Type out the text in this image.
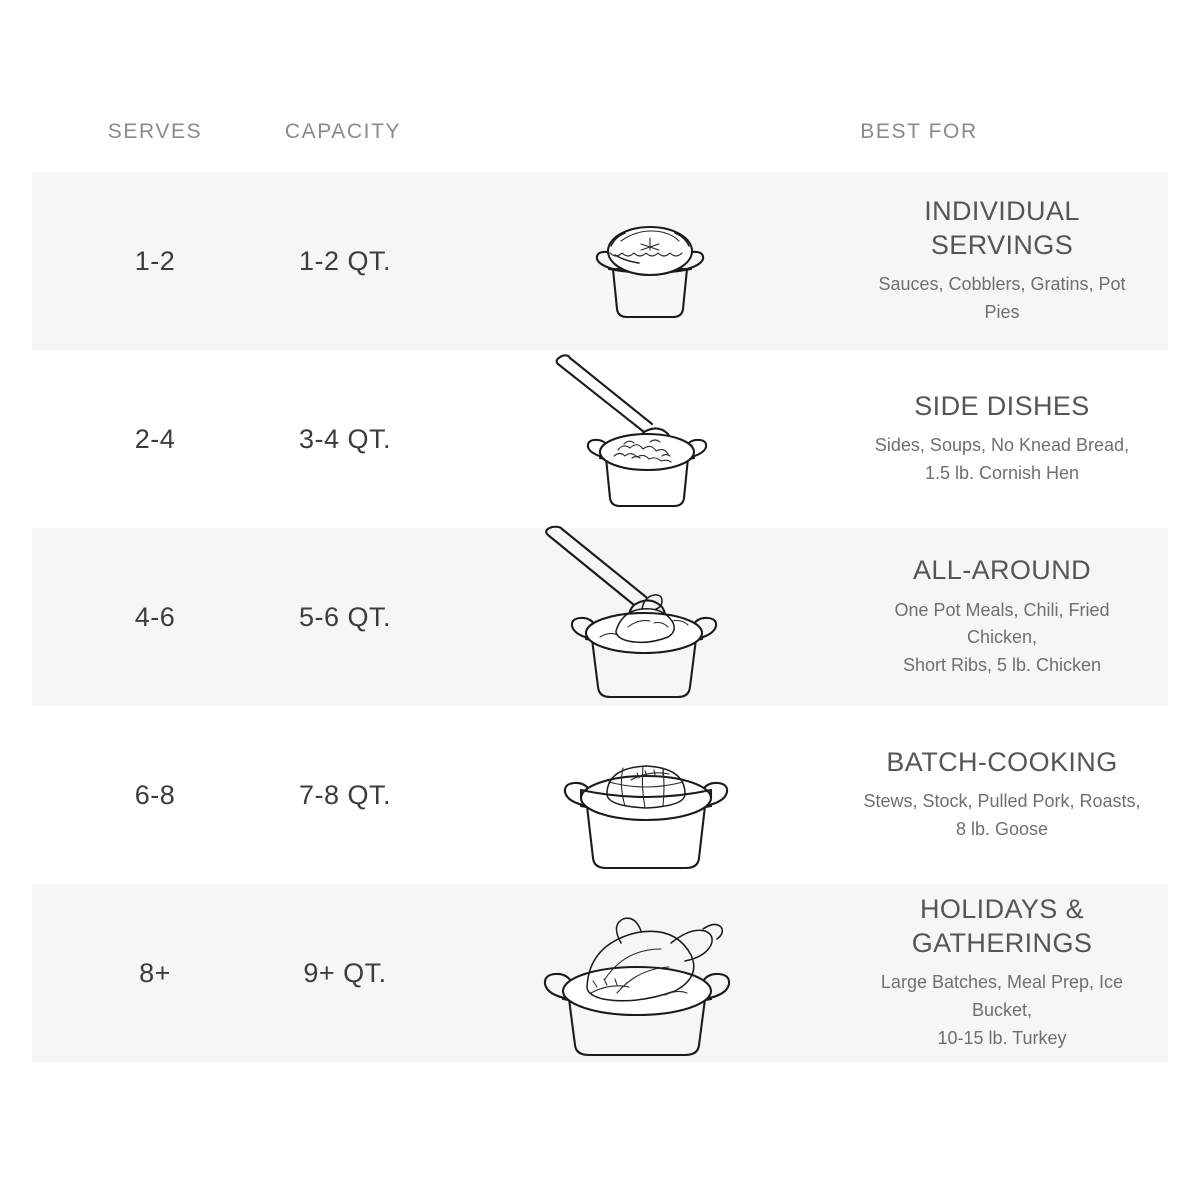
SERVES	CAPACITY	BEST FOR
1-2	1-2 QT.
INDIVIDUAL SERVINGS
Sauces, Cobblers, Gratins, Pot Pies
2-4	3-4 QT.
SIDE DISHES
Sides, Soups, No Knead Bread,
1.5 lb. Cornish Hen
4-6	5-6 QT.
ALL-AROUND
One Pot Meals, Chili, Fried Chicken,
Short Ribs, 5 lb. Chicken
6-8	7-8 QT.
BATCH-COOKING
Stews, Stock, Pulled Pork, Roasts,
8 lb. Goose
8+	9+ QT.
HOLIDAYS & GATHERINGS
Large Batches, Meal Prep, Ice Bucket,
10-15 lb. Turkey
